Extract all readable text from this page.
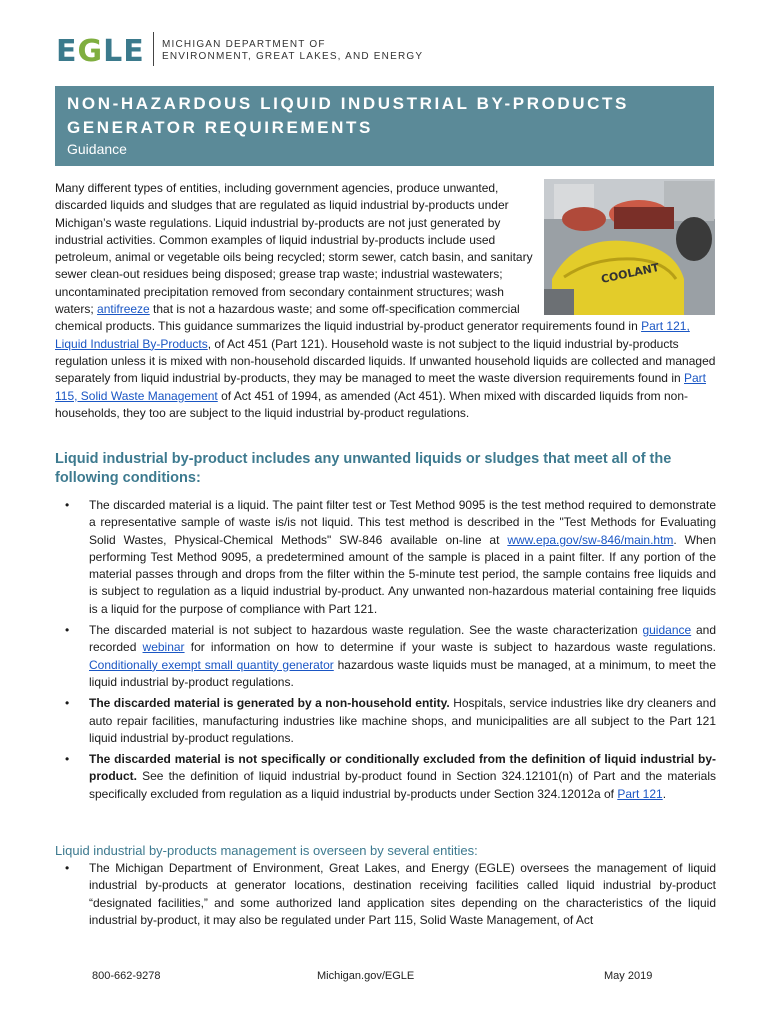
EGLE MICHIGAN DEPARTMENT OF
ENVIRONMENT, GREAT LAKES, AND ENERGY
NON-HAZARDOUS LIQUID INDUSTRIAL BY-PRODUCTS
GENERATOR REQUIREMENTS
Guidance
COOLANT

Many different types of entities, including government agencies, produce unwanted, discarded liquids and sludges that are regulated as liquid industrial by-products under Michigan’s waste regulations. Liquid industrial by-products are not just generated by industrial activities. Common examples of liquid industrial by-products include used petroleum, animal or vegetable oils being recycled; storm sewer, catch basin, and sanitary sewer clean-out residues being disposed; grease trap waste; industrial wastewaters; uncontaminated precipitation removed from secondary containment structures; wash waters; antifreeze that is not a hazardous waste; and some off-specification commercial chemical products. This guidance summarizes the liquid industrial by-product generator requirements found in Part 121, Liquid Industrial By-Products, of Act 451 (Part 121). Household waste is not subject to the liquid industrial by-products regulation unless it is mixed with non-household discarded liquids. If unwanted household liquids are collected and managed separately from liquid industrial by-products, they may be managed to meet the waste diversion requirements found in Part 115, Solid Waste Management of Act 451 of 1994, as amended (Act 451). When mixed with discarded liquids from non-households, they too are subject to the liquid industrial by-product regulations.

Liquid industrial by-product includes any unwanted liquids or sludges that meet all of the following conditions:
• The discarded material is a liquid. The paint filter test or Test Method 9095 is the test method required to demonstrate a representative sample of waste is/is not liquid. This test method is described in the "Test Methods for Evaluating Solid Wastes, Physical-Chemical Methods" SW-846 available on-line at www.epa.gov/sw-846/main.htm. When performing Test Method 9095, a predetermined amount of the sample is placed in a paint filter. If any portion of the material passes through and drops from the filter within the 5-minute test period, the sample contains free liquids and is subject to regulation as a liquid industrial by-product. Any unwanted non-hazardous material containing free liquids is a liquid for the purpose of compliance with Part 121.
• The discarded material is not subject to hazardous waste regulation. See the waste characterization guidance and recorded webinar for information on how to determine if your waste is subject to hazardous waste regulations. Conditionally exempt small quantity generator hazardous waste liquids must be managed, at a minimum, to meet the liquid industrial by-product regulations.
• The discarded material is generated by a non-household entity. Hospitals, service industries like dry cleaners and auto repair facilities, manufacturing industries like machine shops, and municipalities are all subject to the Part 121 liquid industrial by-product regulations.
• The discarded material is not specifically or conditionally excluded from the definition of liquid industrial by-product. See the definition of liquid industrial by-product found in Section 324.12101(n) of Part and the materials specifically excluded from regulation as a liquid industrial by-products under Section 324.12012a of Part 121.
Liquid industrial by-products management is overseen by several entities:
• The Michigan Department of Environment, Great Lakes, and Energy (EGLE) oversees the management of liquid industrial by-products at generator locations, destination receiving facilities called liquid industrial by-product “designated facilities,” and some authorized land application sites depending on the characteristics of the liquid industrial by-product, it may also be regulated under Part 115, Solid Waste Management, of Act
800-662-9278	Michigan.gov/EGLE	May 2019
